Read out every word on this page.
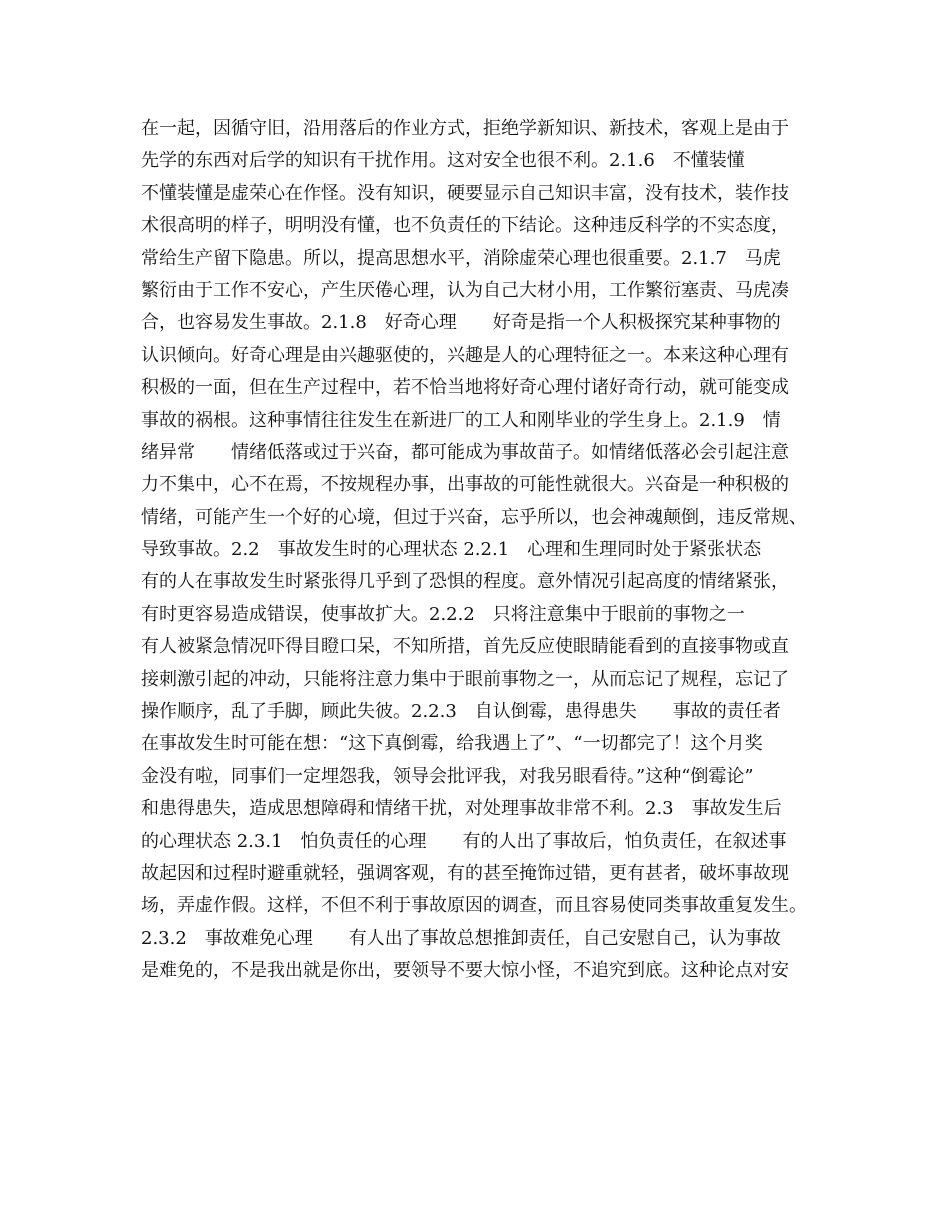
在一起，因循守旧，沿用落后的作业方式，拒绝学新知识、新技术，客观上是由于
先学的东西对后学的知识有干扰作用。这对安全也很不利。2.1.6　不懂装懂
不懂装懂是虚荣心在作怪。没有知识，硬要显示自己知识丰富，没有技术，装作技
术很高明的样子，明明没有懂，也不负责任的下结论。这种违反科学的不实态度，
常给生产留下隐患。所以，提高思想水平，消除虚荣心理也很重要。2.1.7　马虎
繁衍由于工作不安心，产生厌倦心理，认为自己大材小用，工作繁衍塞责、马虎凑
合，也容易发生事故。2.1.8　好奇心理　　好奇是指一个人积极探究某种事物的
认识倾向。好奇心理是由兴趣驱使的，兴趣是人的心理特征之一。本来这种心理有
积极的一面，但在生产过程中，若不恰当地将好奇心理付诸好奇行动，就可能变成
事故的祸根。这种事情往往发生在新进厂的工人和刚毕业的学生身上。2.1.9　情
绪异常　　情绪低落或过于兴奋，都可能成为事故苗子。如情绪低落必会引起注意
力不集中，心不在焉，不按规程办事，出事故的可能性就很大。兴奋是一种积极的
情绪，可能产生一个好的心境，但过于兴奋，忘乎所以，也会神魂颠倒，违反常规、
导致事故。2.2　事故发生时的心理状态 2.2.1　心理和生理同时处于紧张状态
有的人在事故发生时紧张得几乎到了恐惧的程度。意外情况引起高度的情绪紧张，
有时更容易造成错误，使事故扩大。2.2.2　只将注意集中于眼前的事物之一
有人被紧急情况吓得目瞪口呆，不知所措，首先反应使眼睛能看到的直接事物或直
接刺激引起的冲动，只能将注意力集中于眼前事物之一，从而忘记了规程，忘记了
操作顺序，乱了手脚，顾此失彼。2.2.3　自认倒霉，患得患失　　事故的责任者
在事故发生时可能在想：“这下真倒霉，给我遇上了”、“一切都完了！这个月奖
金没有啦，同事们一定埋怨我，领导会批评我，对我另眼看待。”这种“倒霉论”
和患得患失，造成思想障碍和情绪干扰，对处理事故非常不利。2.3　事故发生后
的心理状态 2.3.1　怕负责任的心理　　有的人出了事故后，怕负责任，在叙述事
故起因和过程时避重就轻，强调客观，有的甚至掩饰过错，更有甚者，破坏事故现
场，弄虚作假。这样，不但不利于事故原因的调查，而且容易使同类事故重复发生。
2.3.2　事故难免心理　　有人出了事故总想推卸责任，自己安慰自己，认为事故
是难免的，不是我出就是你出，要领导不要大惊小怪，不追究到底。这种论点对安
